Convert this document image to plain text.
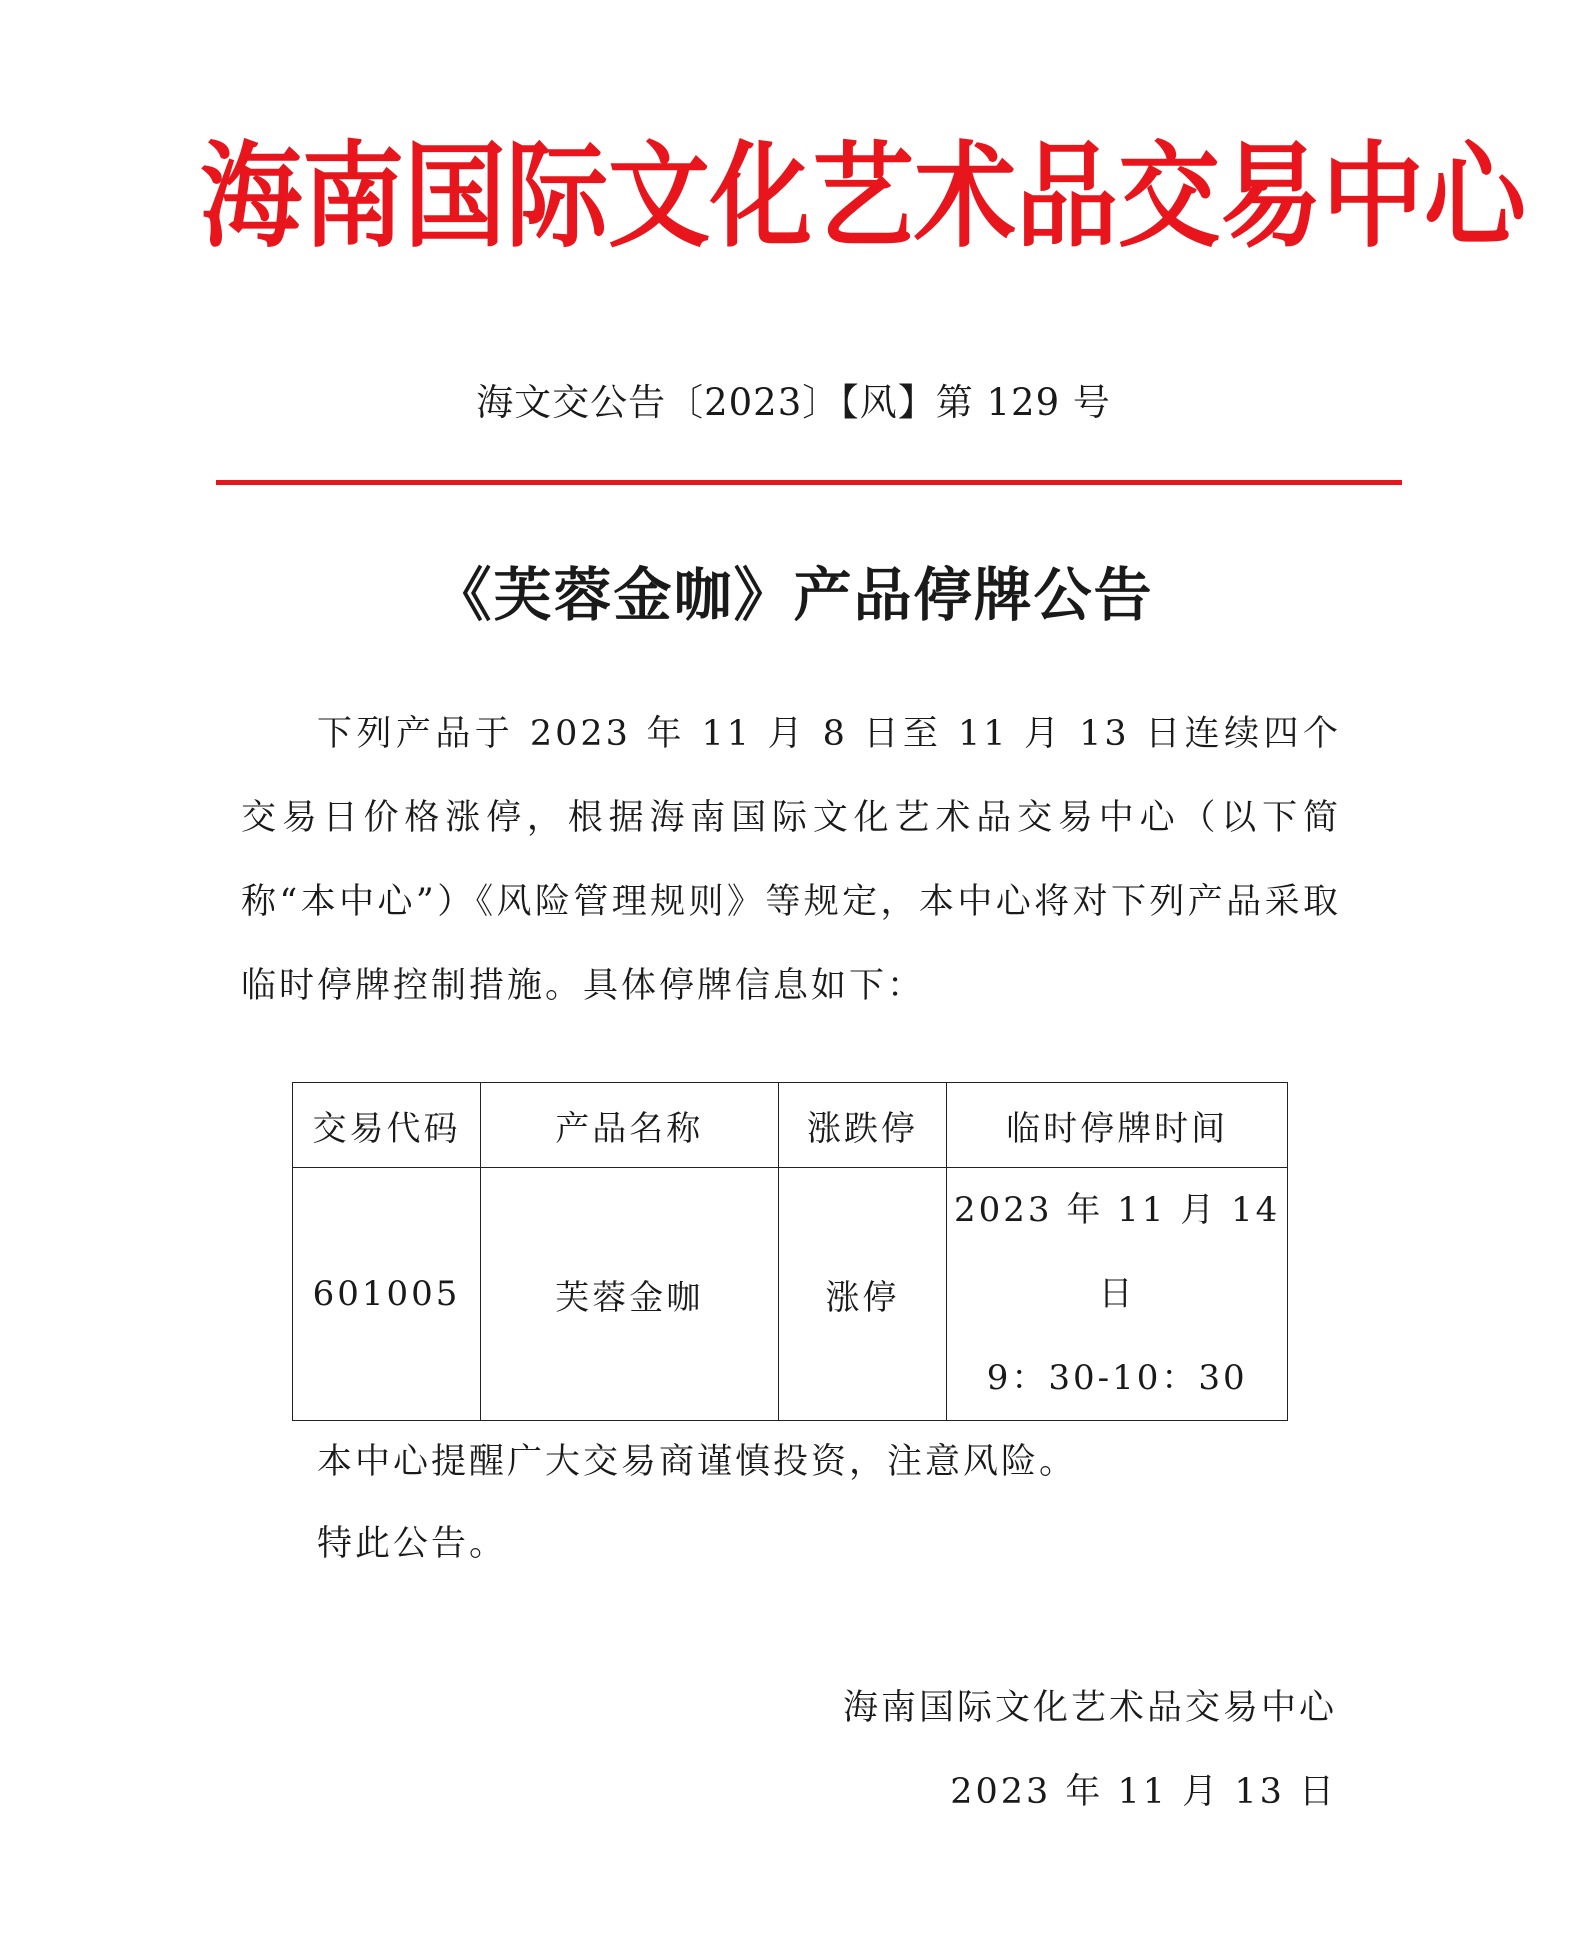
海 南 国 际 文 化 艺 术 品 交 易 中 心
海文交公告〔2023〕【风】第 129 号
《芙蓉金咖》产品停牌公告

下列产品于 2023 年 11 月 8 日至 11 月 13 日连续四个交易日价格涨停，根据海南国际文化艺术品交易中心（以下简称“本中心”）《风险管理规则》等规定，本中心将对下列产品采取临时停牌控制措施。具体停牌信息如下：

交易代码	产品名称	涨跌停	临时停牌时间
601005	芙蓉金咖	涨停	2023 年 11 月 14 日
9：30-10：30

本中心提醒广大交易商谨慎投资，注意风险。

特此公告。

海南国际文化艺术品交易中心

2023 年 11 月 13 日
